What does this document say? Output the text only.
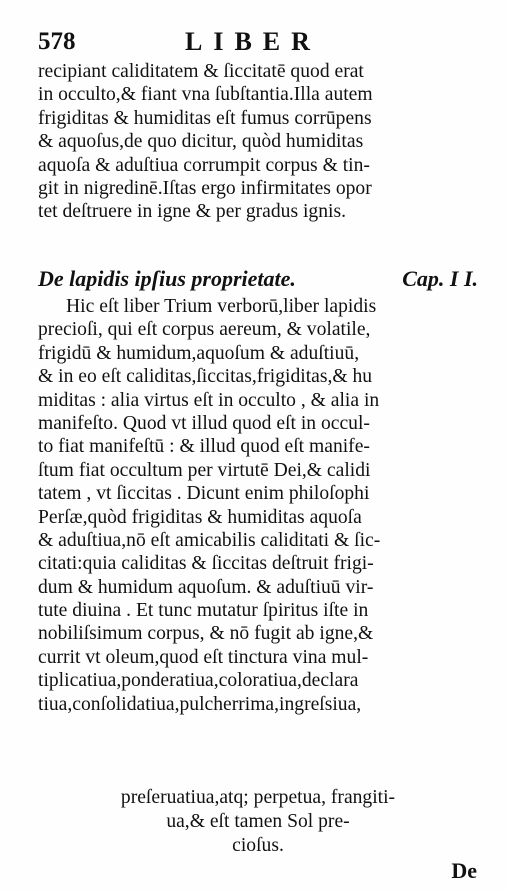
578	LIBER
recipiant caliditatem & ſiccitatē quod erat
in occulto,& fiant vna ſubſtantia.Illa autem
frigiditas & humiditas eſt fumus corrūpens
& aquoſus,de quo dicitur, quòd humiditas
aquoſa & aduſtiua corrumpit corpus & tin-
git in nigredinē.Iſtas ergo infirmitates opor
tet deſtruere in igne & per gradus ignis.
De lapidis ipſius proprietate.	Cap. I I.
Hic eſt liber Trium verborū,liber lapidis
precioſi, qui eſt corpus aereum, & volatile,
frigidū & humidum,aquoſum & aduſtiuū,
& in eo eſt caliditas,ſiccitas,frigiditas,& hu
miditas : alia virtus eſt in occulto , & alia in
manifeſto. Quod vt illud quod eſt in occul-
to fiat manifeſtū : & illud quod eſt manife-
ſtum fiat occultum per virtutē Dei,& calidi
tatem , vt ſiccitas . Dicunt enim philoſophi
Perſæ,quòd frigiditas & humiditas aquoſa
& aduſtiua,nō eſt amicabilis caliditati & ſic-
citati:quia caliditas & ſiccitas deſtruit frigi-
dum & humidum aquoſum. & aduſtiuū vir-
tute diuina . Et tunc mutatur ſpiritus iſte in
nobiliſsimum corpus, & nō fugit ab igne,&
currit vt oleum,quod eſt tinctura vina mul-
tiplicatiua,ponderatiua,coloratiua,declara
tiua,conſolidatiua,pulcherrima,ingreſsiua,
preſeruatiua,atq; perpetua, frangiti-
ua,& eſt tamen Sol pre-
cioſus.
De
